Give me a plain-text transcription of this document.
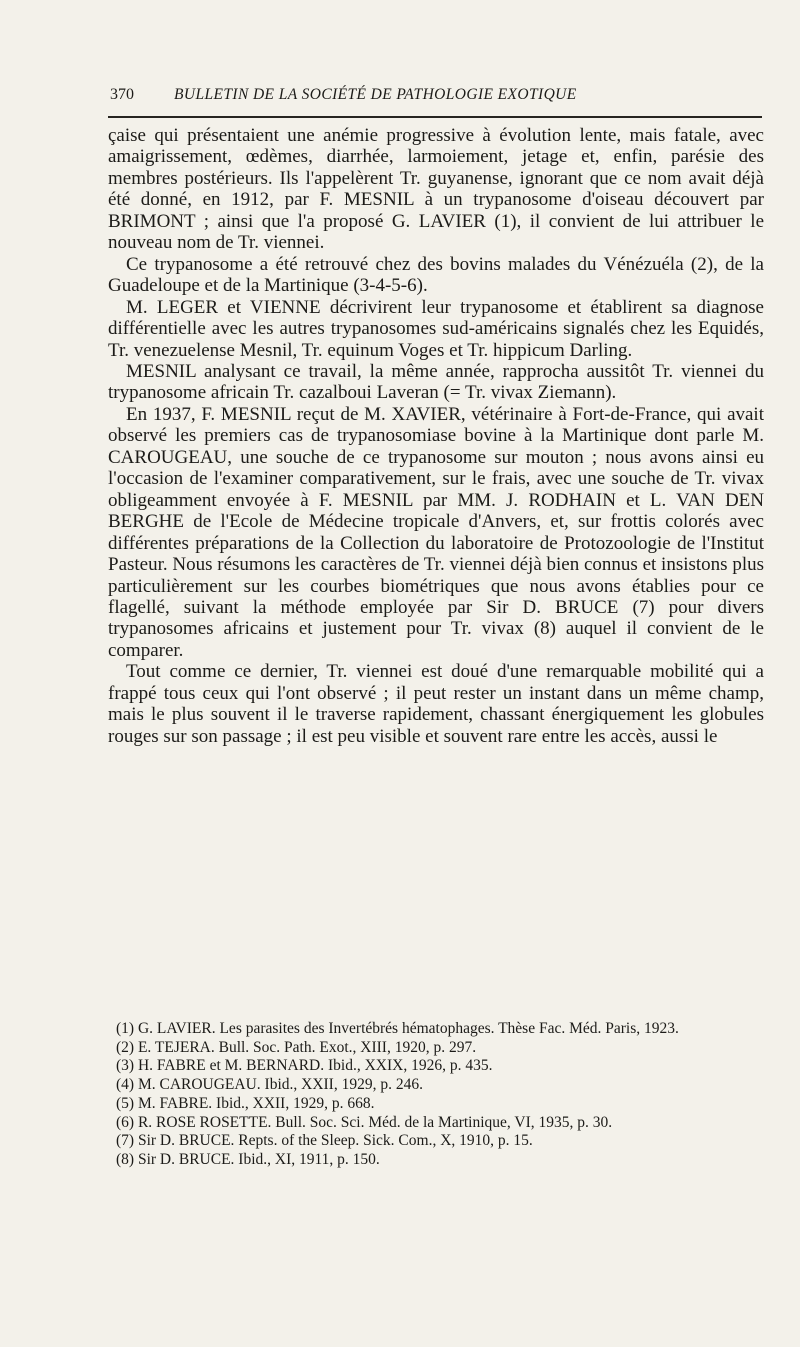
370	BULLETIN DE LA SOCIÉTÉ DE PATHOLOGIE EXOTIQUE

çaise qui présentaient une anémie progressive à évolution lente, mais fatale, avec amaigrissement, œdèmes, diarrhée, larmoiement, jetage et, enfin, parésie des membres postérieurs. Ils l'appelèrent Tr. guyanense, ignorant que ce nom avait déjà été donné, en 1912, par F. MESNIL à un trypanosome d'oiseau découvert par BRIMONT ; ainsi que l'a proposé G. LAVIER (1), il convient de lui attribuer le nouveau nom de Tr. viennei.

Ce trypanosome a été retrouvé chez des bovins malades du Vénézuéla (2), de la Guadeloupe et de la Martinique (3-4-5-6).

M. LEGER et VIENNE décrivirent leur trypanosome et établirent sa diagnose différentielle avec les autres trypanosomes sud-américains signalés chez les Equidés, Tr. venezuelense Mesnil, Tr. equinum Voges et Tr. hippicum Darling.

MESNIL analysant ce travail, la même année, rapprocha aussitôt Tr. viennei du trypanosome africain Tr. cazalboui Laveran (= Tr. vivax Ziemann).

En 1937, F. MESNIL reçut de M. XAVIER, vétérinaire à Fort-de-France, qui avait observé les premiers cas de trypanosomiase bovine à la Martinique dont parle M. CAROUGEAU, une souche de ce trypanosome sur mouton ; nous avons ainsi eu l'occasion de l'examiner comparativement, sur le frais, avec une souche de Tr. vivax obligeamment envoyée à F. MESNIL par MM. J. RODHAIN et L. VAN DEN BERGHE de l'Ecole de Médecine tropicale d'Anvers, et, sur frottis colorés avec différentes préparations de la Collection du laboratoire de Protozoologie de l'Institut Pasteur. Nous résumons les caractères de Tr. viennei déjà bien connus et insistons plus particulièrement sur les courbes biométriques que nous avons établies pour ce flagellé, suivant la méthode employée par Sir D. BRUCE (7) pour divers trypanosomes africains et justement pour Tr. vivax (8) auquel il convient de le comparer.

Tout comme ce dernier, Tr. viennei est doué d'une remarquable mobilité qui a frappé tous ceux qui l'ont observé ; il peut rester un instant dans un même champ, mais le plus souvent il le traverse rapidement, chassant énergiquement les globules rouges sur son passage ; il est peu visible et souvent rare entre les accès, aussi le

(1) G. LAVIER. Les parasites des Invertébrés hématophages. Thèse Fac. Méd. Paris, 1923.
(2) E. TEJERA. Bull. Soc. Path. Exot., XIII, 1920, p. 297.
(3) H. FABRE et M. BERNARD. Ibid., XXIX, 1926, p. 435.
(4) M. CAROUGEAU. Ibid., XXII, 1929, p. 246.
(5) M. FABRE. Ibid., XXII, 1929, p. 668.
(6) R. ROSE ROSETTE. Bull. Soc. Sci. Méd. de la Martinique, VI, 1935, p. 30.
(7) Sir D. BRUCE. Repts. of the Sleep. Sick. Com., X, 1910, p. 15.
(8) Sir D. BRUCE. Ibid., XI, 1911, p. 150.
